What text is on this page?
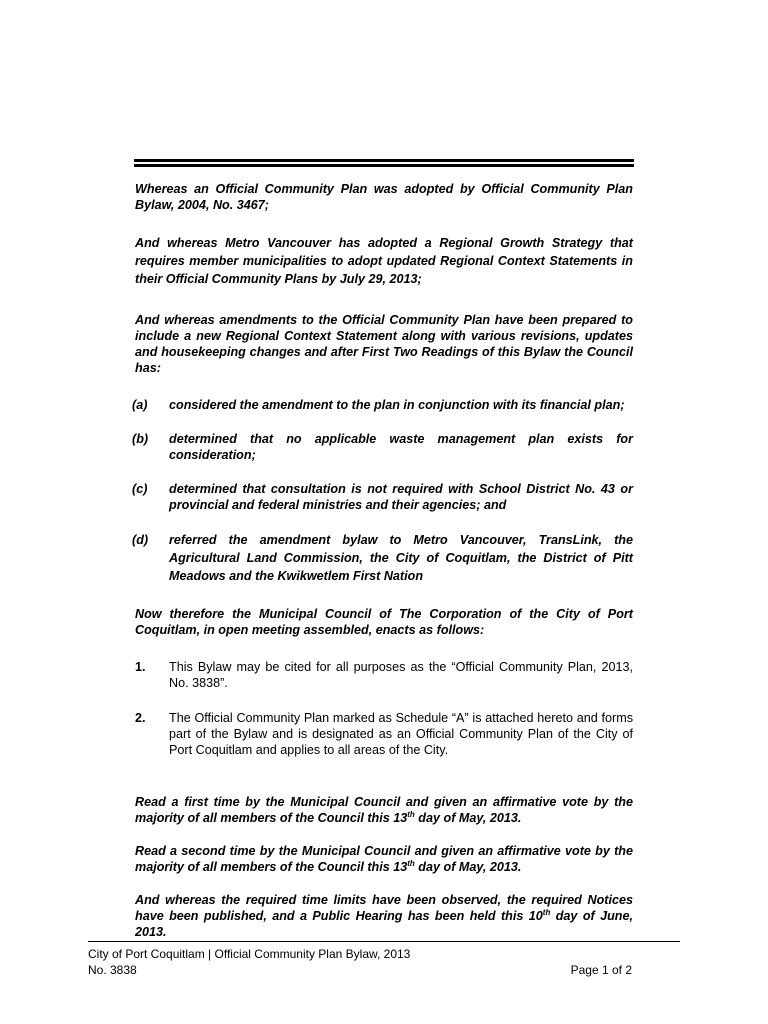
Whereas an Official Community Plan was adopted by Official Community Plan Bylaw, 2004, No. 3467;

And whereas Metro Vancouver has adopted a Regional Growth Strategy that requires member municipalities to adopt updated Regional Context Statements in their Official Community Plans by July 29, 2013;

And whereas amendments to the Official Community Plan have been prepared to include a new Regional Context Statement along with various revisions, updates and housekeeping changes and after First Two Readings of this Bylaw the Council has:

(a) considered the amendment to the plan in conjunction with its financial plan;
(b) determined that no applicable waste management plan exists for consideration;
(c) determined that consultation is not required with School District No. 43 or provincial and federal ministries and their agencies; and
(d) referred the amendment bylaw to Metro Vancouver, TransLink, the Agricultural Land Commission, the City of Coquitlam, the District of Pitt Meadows and the Kwikwetlem First Nation

Now therefore the Municipal Council of The Corporation of the City of Port Coquitlam, in open meeting assembled, enacts as follows:

1. This Bylaw may be cited for all purposes as the “Official Community Plan, 2013, No. 3838”.
2. The Official Community Plan marked as Schedule “A” is attached hereto and forms part of the Bylaw and is designated as an Official Community Plan of the City of Port Coquitlam and applies to all areas of the City.

Read a first time by the Municipal Council and given an affirmative vote by the majority of all members of the Council this 13th day of May, 2013.

Read a second time by the Municipal Council and given an affirmative vote by the majority of all members of the Council this 13th day of May, 2013.

And whereas the required time limits have been observed, the required Notices have been published, and a Public Hearing has been held this 10th day of June, 2013.

City of Port Coquitlam | Official Community Plan Bylaw, 2013
No. 3838	Page 1 of 2
